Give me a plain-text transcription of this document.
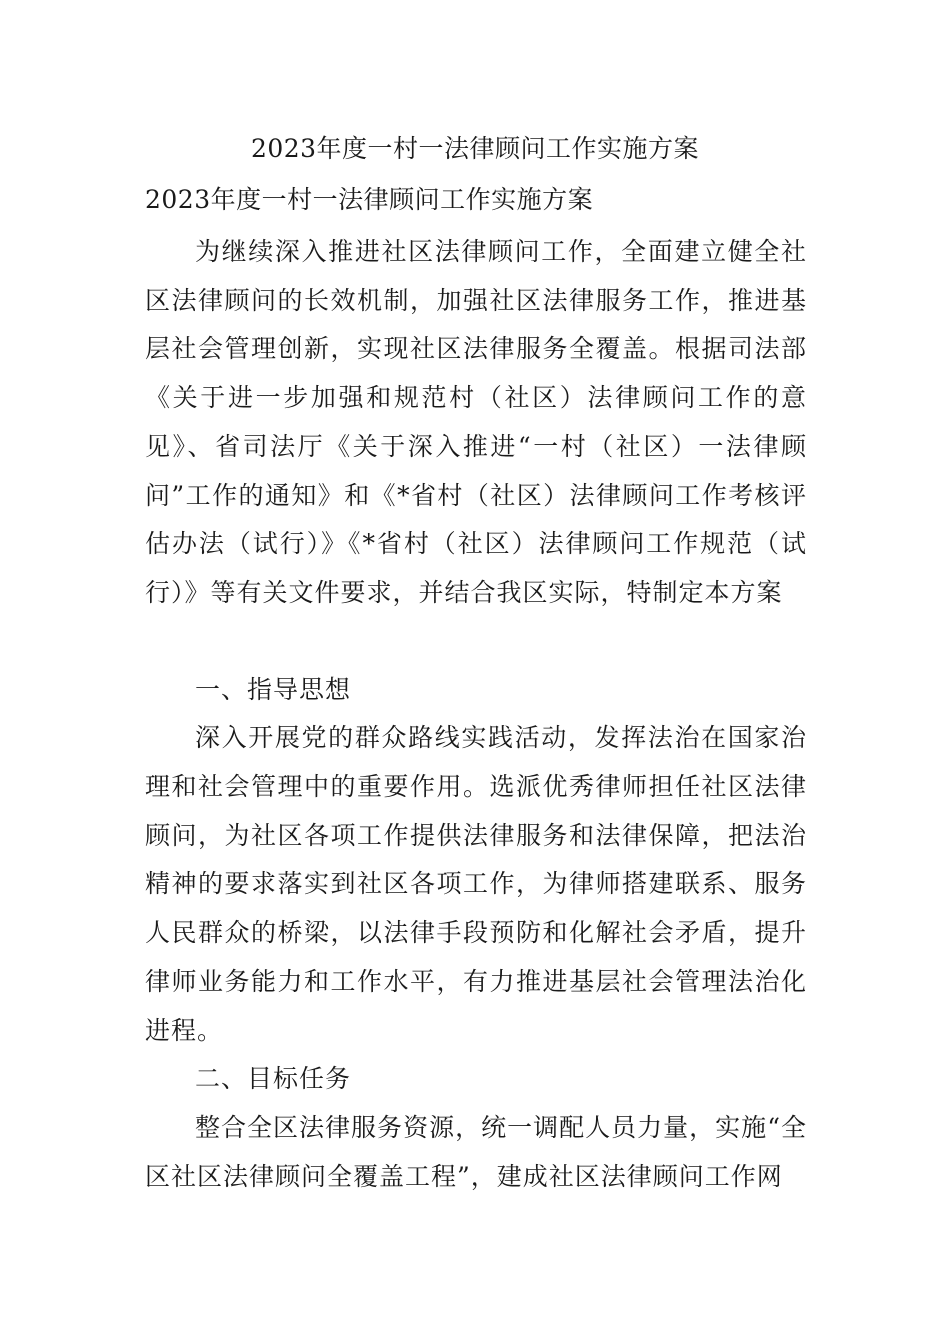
2023年度一村一法律顾问工作实施方案
2023年度一村一法律顾问工作实施方案

为继续深入推进社区法律顾问工作，全面建立健全社区法律顾问的长效机制，加强社区法律服务工作，推进基层社会管理创新，实现社区法律服务全覆盖。根据司法部《关于进一步加强和规范村（社区）法律顾问工作的意见》、省司法厅《关于深入推进“一村（社区）一法律顾问”工作的通知》和《*省村（社区）法律顾问工作考核评估办法（试行）》《*省村（社区）法律顾问工作规范（试行）》等有关文件要求，并结合我区实际，特制定本方案

一、指导思想

深入开展党的群众路线实践活动，发挥法治在国家治理和社会管理中的重要作用。选派优秀律师担任社区法律顾问，为社区各项工作提供法律服务和法律保障，把法治精神的要求落实到社区各项工作，为律师搭建联系、服务人民群众的桥梁，以法律手段预防和化解社会矛盾，提升律师业务能力和工作水平，有力推进基层社会管理法治化进程。

二、目标任务

整合全区法律服务资源，统一调配人员力量，实施“全区社区法律顾问全覆盖工程”，建成社区法律顾问工作网
